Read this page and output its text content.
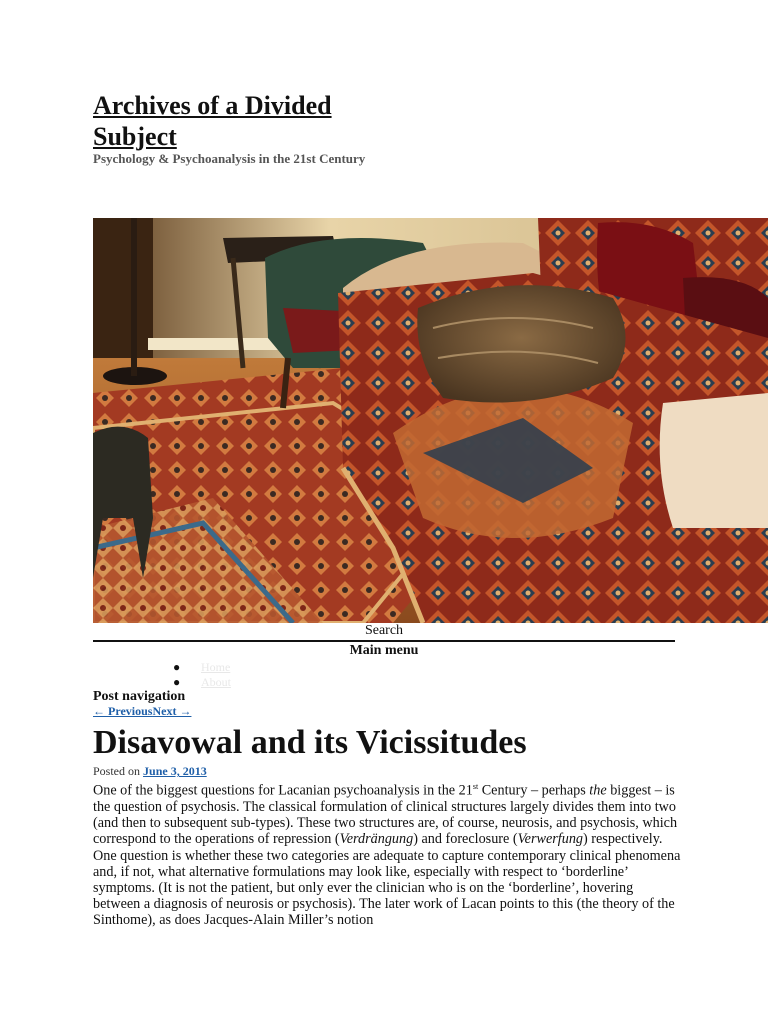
Archives of a Divided Subject
Psychology & Psychoanalysis in the 21st Century
Search
Main menu
● Home
● About
Post navigation
← PreviousNext →
Disavowal and its Vicissitudes
Posted on June 3, 2013

One of the biggest questions for Lacanian psychoanalysis in the 21st Century – perhaps the biggest – is the question of psychosis. The classical formulation of clinical structures largely divides them into two (and then to subsequent sub-types). These two structures are, of course, neurosis, and psychosis, which correspond to the operations of repression (Verdrängung) and foreclosure (Verwerfung) respectively. One question is whether these two categories are adequate to capture contemporary clinical phenomena and, if not, what alternative formulations may look like, especially with respect to ‘borderline’ symptoms. (It is not the patient, but only ever the clinician who is on the ‘borderline’, hovering between a diagnosis of neurosis or psychosis). The later work of Lacan points to this (the theory of the Sinthome), as does Jacques-Alain Miller’s notion
